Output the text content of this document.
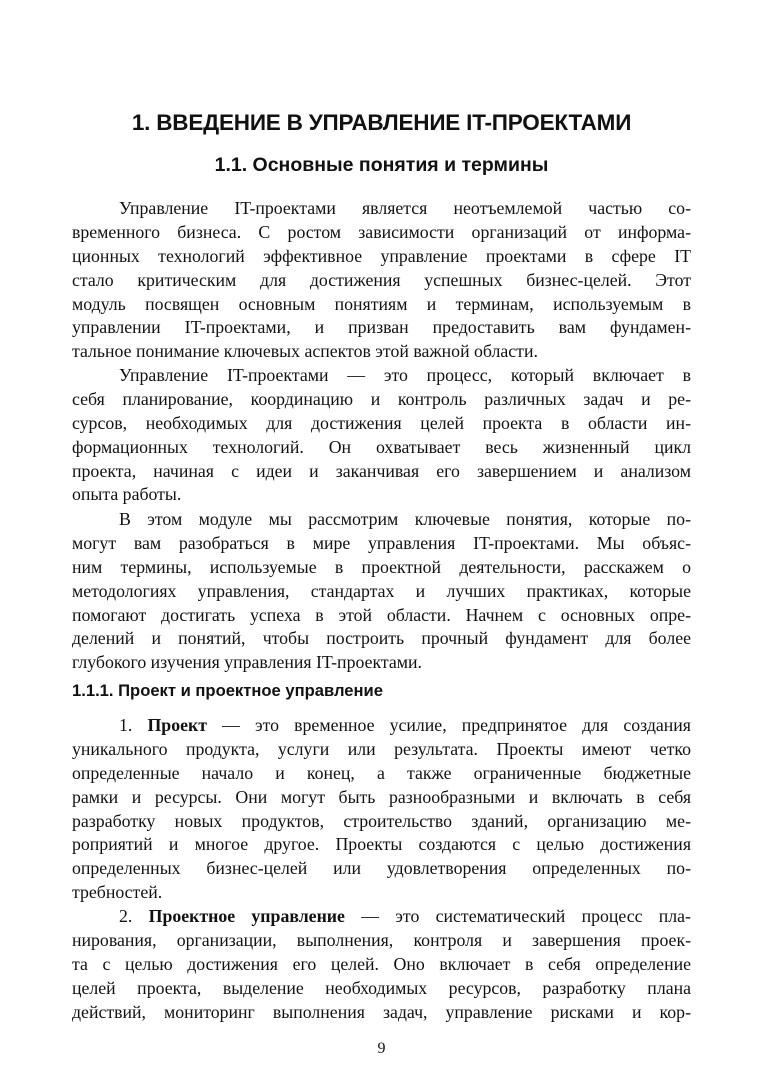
1. ВВЕДЕНИЕ В УПРАВЛЕНИЕ IT-ПРОЕКТАМИ
1.1. Основные понятия и термины
Управление IT-проектами является неотъемлемой частью со-
временного бизнеса. С ростом зависимости организаций от информа-
ционных технологий эффективное управление проектами в сфере IT
стало критическим для достижения успешных бизнес-целей. Этот
модуль посвящен основным понятиям и терминам, используемым в
управлении IT-проектами, и призван предоставить вам фундамен-
тальное понимание ключевых аспектов этой важной области.
Управление IT-проектами — это процесс, который включает в
себя планирование, координацию и контроль различных задач и ре-
сурсов, необходимых для достижения целей проекта в области ин-
формационных технологий. Он охватывает весь жизненный цикл
проекта, начиная с идеи и заканчивая его завершением и анализом
опыта работы.
В этом модуле мы рассмотрим ключевые понятия, которые по-
могут вам разобраться в мире управления IT-проектами. Мы объяс-
ним термины, используемые в проектной деятельности, расскажем о
методологиях управления, стандартах и лучших практиках, которые
помогают достигать успеха в этой области. Начнем с основных опре-
делений и понятий, чтобы построить прочный фундамент для более
глубокого изучения управления IT-проектами.
1.1.1. Проект и проектное управление
1. Проект — это временное усилие, предпринятое для создания
уникального продукта, услуги или результата. Проекты имеют четко
определенные начало и конец, а также ограниченные бюджетные
рамки и ресурсы. Они могут быть разнообразными и включать в себя
разработку новых продуктов, строительство зданий, организацию ме-
роприятий и многое другое. Проекты создаются с целью достижения
определенных бизнес-целей или удовлетворения определенных по-
требностей.
2. Проектное управление — это систематический процесс пла-
нирования, организации, выполнения, контроля и завершения проек-
та с целью достижения его целей. Оно включает в себя определение
целей проекта, выделение необходимых ресурсов, разработку плана
действий, мониторинг выполнения задач, управление рисками и кор-
9
